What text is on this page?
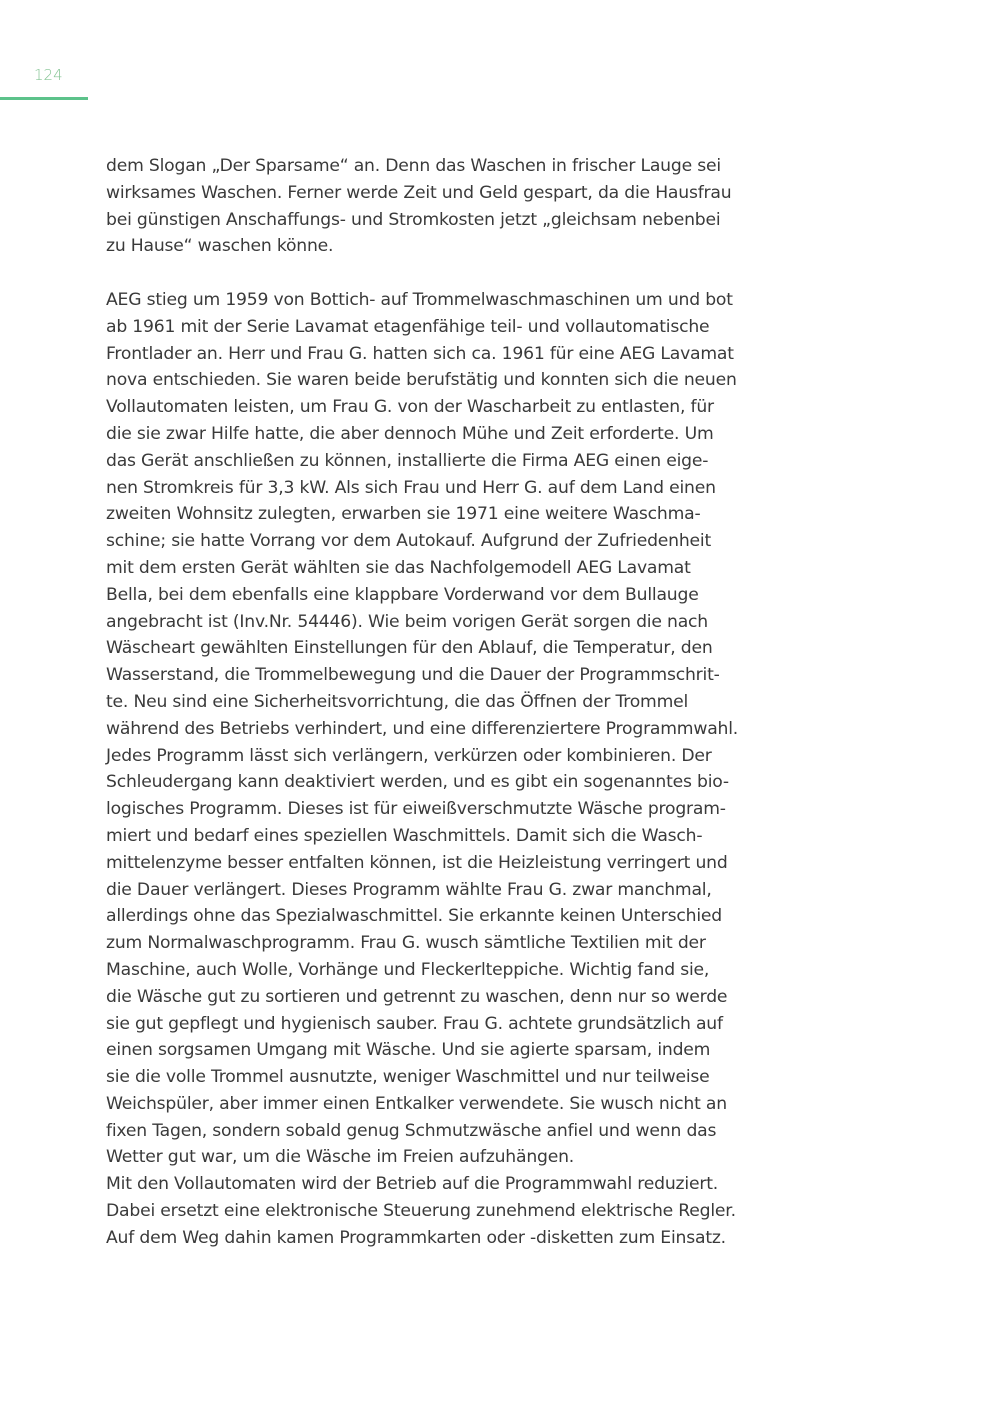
124
dem Slogan „Der Sparsame“ an. Denn das Waschen in frischer Lauge sei
wirksames Waschen. Ferner werde Zeit und Geld gespart, da die Hausfrau
bei günstigen Anschaffungs- und Stromkosten jetzt „gleichsam nebenbei
zu Hause“ waschen könne.
AEG stieg um 1959 von Bottich- auf Trommelwaschmaschinen um und bot
ab 1961 mit der Serie Lavamat etagenfähige teil- und vollautomatische
Frontlader an. Herr und Frau G. hatten sich ca. 1961 für eine AEG Lavamat
nova entschieden. Sie waren beide berufstätig und konnten sich die neuen
Vollautomaten leisten, um Frau G. von der Wascharbeit zu entlasten, für
die sie zwar Hilfe hatte, die aber dennoch Mühe und Zeit erforderte. Um
das Gerät anschließen zu können, installierte die Firma AEG einen eige-
nen Stromkreis für 3,3 kW. Als sich Frau und Herr G. auf dem Land einen
zweiten Wohnsitz zulegten, erwarben sie 1971 eine weitere Waschma-
schine; sie hatte Vorrang vor dem Autokauf. Aufgrund der Zufriedenheit
mit dem ersten Gerät wählten sie das Nachfolgemodell AEG Lavamat
Bella, bei dem ebenfalls eine klappbare Vorderwand vor dem Bullauge
angebracht ist (Inv.Nr. 54446). Wie beim vorigen Gerät sorgen die nach
Wäscheart gewählten Einstellungen für den Ablauf, die Temperatur, den
Wasserstand, die Trommelbewegung und die Dauer der Programmschrit-
te. Neu sind eine Sicherheitsvorrichtung, die das Öffnen der Trommel
während des Betriebs verhindert, und eine differenziertere Programmwahl.
Jedes Programm lässt sich verlängern, verkürzen oder kombinieren. Der
Schleudergang kann deaktiviert werden, und es gibt ein sogenanntes bio-
logisches Programm. Dieses ist für eiweißverschmutzte Wäsche program-
miert und bedarf eines speziellen Waschmittels. Damit sich die Wasch-
mittelenzyme besser entfalten können, ist die Heizleistung verringert und
die Dauer verlängert. Dieses Programm wählte Frau G. zwar manchmal,
allerdings ohne das Spezialwaschmittel. Sie erkannte keinen Unterschied
zum Normalwaschprogramm. Frau G. wusch sämtliche Textilien mit der
Maschine, auch Wolle, Vorhänge und Fleckerlteppiche. Wichtig fand sie,
die Wäsche gut zu sortieren und getrennt zu waschen, denn nur so werde
sie gut gepflegt und hygienisch sauber. Frau G. achtete grundsätzlich auf
einen sorgsamen Umgang mit Wäsche. Und sie agierte sparsam, indem
sie die volle Trommel ausnutzte, weniger Waschmittel und nur teilweise
Weichspüler, aber immer einen Entkalker verwendete. Sie wusch nicht an
fixen Tagen, sondern sobald genug Schmutzwäsche anfiel und wenn das
Wetter gut war, um die Wäsche im Freien aufzuhängen.
Mit den Vollautomaten wird der Betrieb auf die Programmwahl reduziert.
Dabei ersetzt eine elektronische Steuerung zunehmend elektrische Regler.
Auf dem Weg dahin kamen Programmkarten oder -disketten zum Einsatz.
